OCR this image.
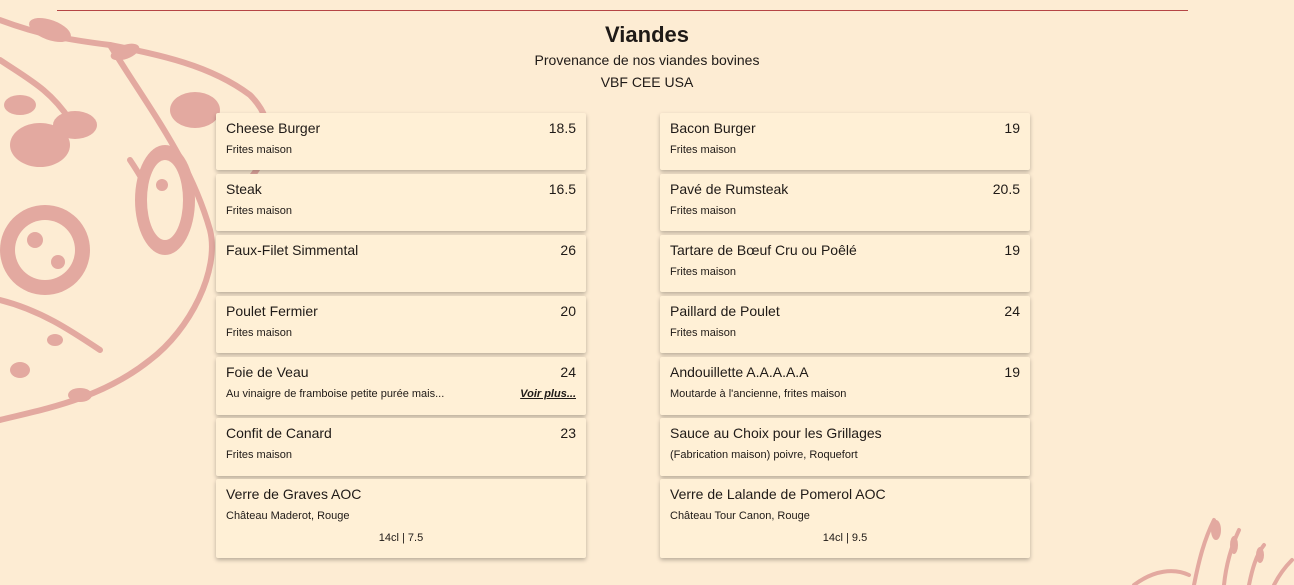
Viandes
Provenance de nos viandes bovines
VBF CEE USA
Cheese Burger	18.5
Frites maison
Steak	16.5
Frites maison
Faux-Filet Simmental	26
Poulet Fermier	20
Frites maison
Foie de Veau	24
Au vinaigre de framboise petite purée mais...	Voir plus...
Confit de Canard	23
Frites maison
Verre de Graves AOC
Château Maderot, Rouge
14cl | 7.5
Bacon Burger	19
Frites maison
Pavé de Rumsteak	20.5
Frites maison
Tartare de Bœuf Cru ou Poêlé	19
Frites maison
Paillard de Poulet	24
Frites maison
Andouillette A.A.A.A.A	19
Moutarde à l'ancienne, frites maison
Sauce au Choix pour les Grillages
(Fabrication maison) poivre, Roquefort
Verre de Lalande de Pomerol AOC
Château Tour Canon, Rouge
14cl | 9.5
